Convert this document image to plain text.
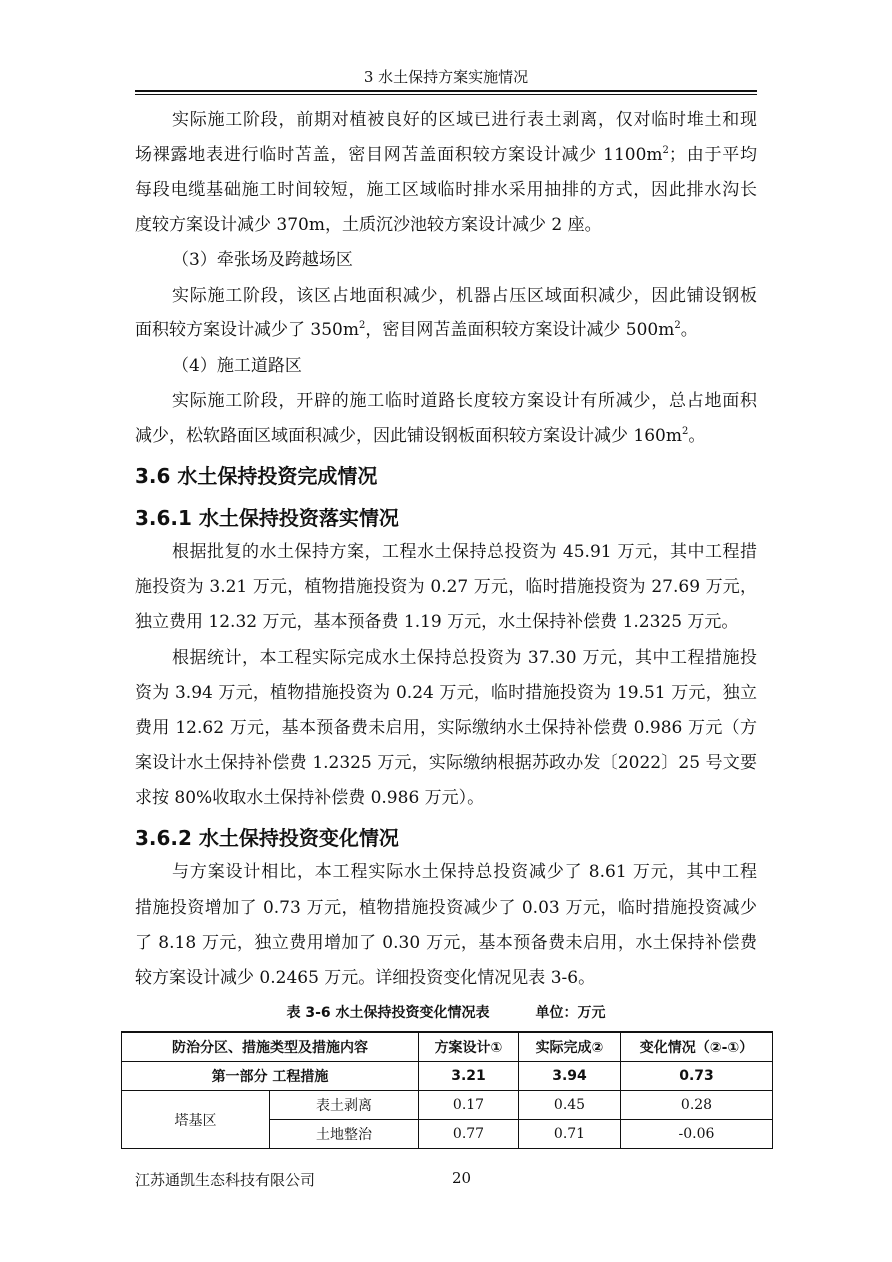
3 水土保持方案实施情况
实际施工阶段，前期对植被良好的区域已进行表土剥离，仅对临时堆土和现
场裸露地表进行临时苫盖，密目网苫盖面积较方案设计减少 $1100m^2$；由于平均
每段电缆基础施工时间较短，施工区域临时排水采用抽排的方式，因此排水沟长
度较方案设计减少 370m，土质沉沙池较方案设计减少 2 座。
（3）牵张场及跨越场区
实际施工阶段，该区占地面积减少，机器占压区域面积减少，因此铺设钢板
面积较方案设计减少了 $350m^2$，密目网苫盖面积较方案设计减少 $500m^2$。
（4）施工道路区
实际施工阶段，开辟的施工临时道路长度较方案设计有所减少，总占地面积
减少，松软路面区域面积减少，因此铺设钢板面积较方案设计减少 $160m^2$。
3.6 水土保持投资完成情况
3.6.1 水土保持投资落实情况
根据批复的水土保持方案，工程水土保持总投资为 45.91 万元，其中工程措
施投资为 3.21 万元，植物措施投资为 0.27 万元，临时措施投资为 27.69 万元，
独立费用 12.32 万元，基本预备费 1.19 万元，水土保持补偿费 1.2325 万元。
根据统计，本工程实际完成水土保持总投资为 37.30 万元，其中工程措施投
资为 3.94 万元，植物措施投资为 0.24 万元，临时措施投资为 19.51 万元，独立
费用 12.62 万元，基本预备费未启用，实际缴纳水土保持补偿费 0.986 万元（方
案设计水土保持补偿费 1.2325 万元，实际缴纳根据苏政办发〔2022〕25 号文要
求按 80%收取水土保持补偿费 0.986 万元）。
3.6.2 水土保持投资变化情况
与方案设计相比，本工程实际水土保持总投资减少了 8.61 万元，其中工程
措施投资增加了 0.73 万元，植物措施投资减少了 0.03 万元，临时措施投资减少
了 8.18 万元，独立费用增加了 0.30 万元，基本预备费未启用，水土保持补偿费
较方案设计减少 0.2465 万元。详细投资变化情况见表 3-6。
表 3-6 水土保持投资变化情况表	单位：万元
防治分区、措施类型及措施内容		方案设计①	实际完成②	变化情况（②-①）
第一部分 工程措施		3.21	3.94	0.73
塔基区	表土剥离	0.17	0.45	0.28
	土地整治	0.77	0.71	-0.06
江苏通凯生态科技有限公司	20
